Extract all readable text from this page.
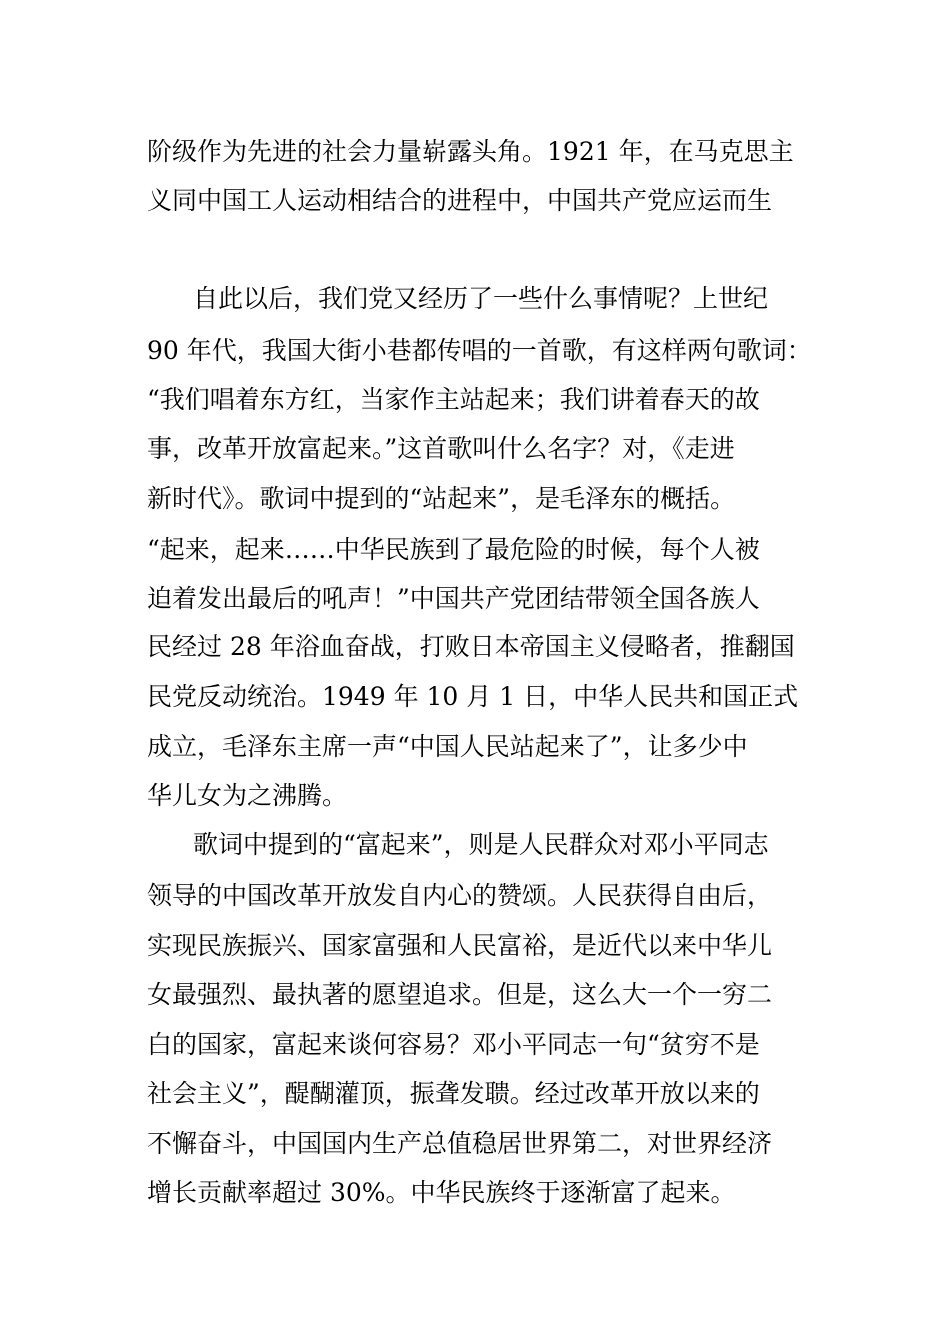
阶级作为先进的社会力量崭露头角。1921 年，在马克思主
义同中国工人运动相结合的进程中，中国共产党应运而生
自此以后，我们党又经历了一些什么事情呢？上世纪
90 年代，我国大街小巷都传唱的一首歌，有这样两句歌词：
“我们唱着东方红，当家作主站起来；我们讲着春天的故
事，改革开放富起来。”这首歌叫什么名字？对，《走进
新时代》。歌词中提到的“站起来”，是毛泽东的概括。
“起来，起来……中华民族到了最危险的时候，每个人被
迫着发出最后的吼声！”中国共产党团结带领全国各族人
民经过 28 年浴血奋战，打败日本帝国主义侵略者，推翻国
民党反动统治。1949 年 10 月 1 日，中华人民共和国正式
成立，毛泽东主席一声“中国人民站起来了”，让多少中
华儿女为之沸腾。
歌词中提到的“富起来”，则是人民群众对邓小平同志
领导的中国改革开放发自内心的赞颂。人民获得自由后，
实现民族振兴、国家富强和人民富裕，是近代以来中华儿
女最强烈、最执著的愿望追求。但是，这么大一个一穷二
白的国家，富起来谈何容易？邓小平同志一句“贫穷不是
社会主义”，醍醐灌顶，振聋发聩。经过改革开放以来的
不懈奋斗，中国国内生产总值稳居世界第二，对世界经济
增长贡献率超过 30%。中华民族终于逐渐富了起来。
